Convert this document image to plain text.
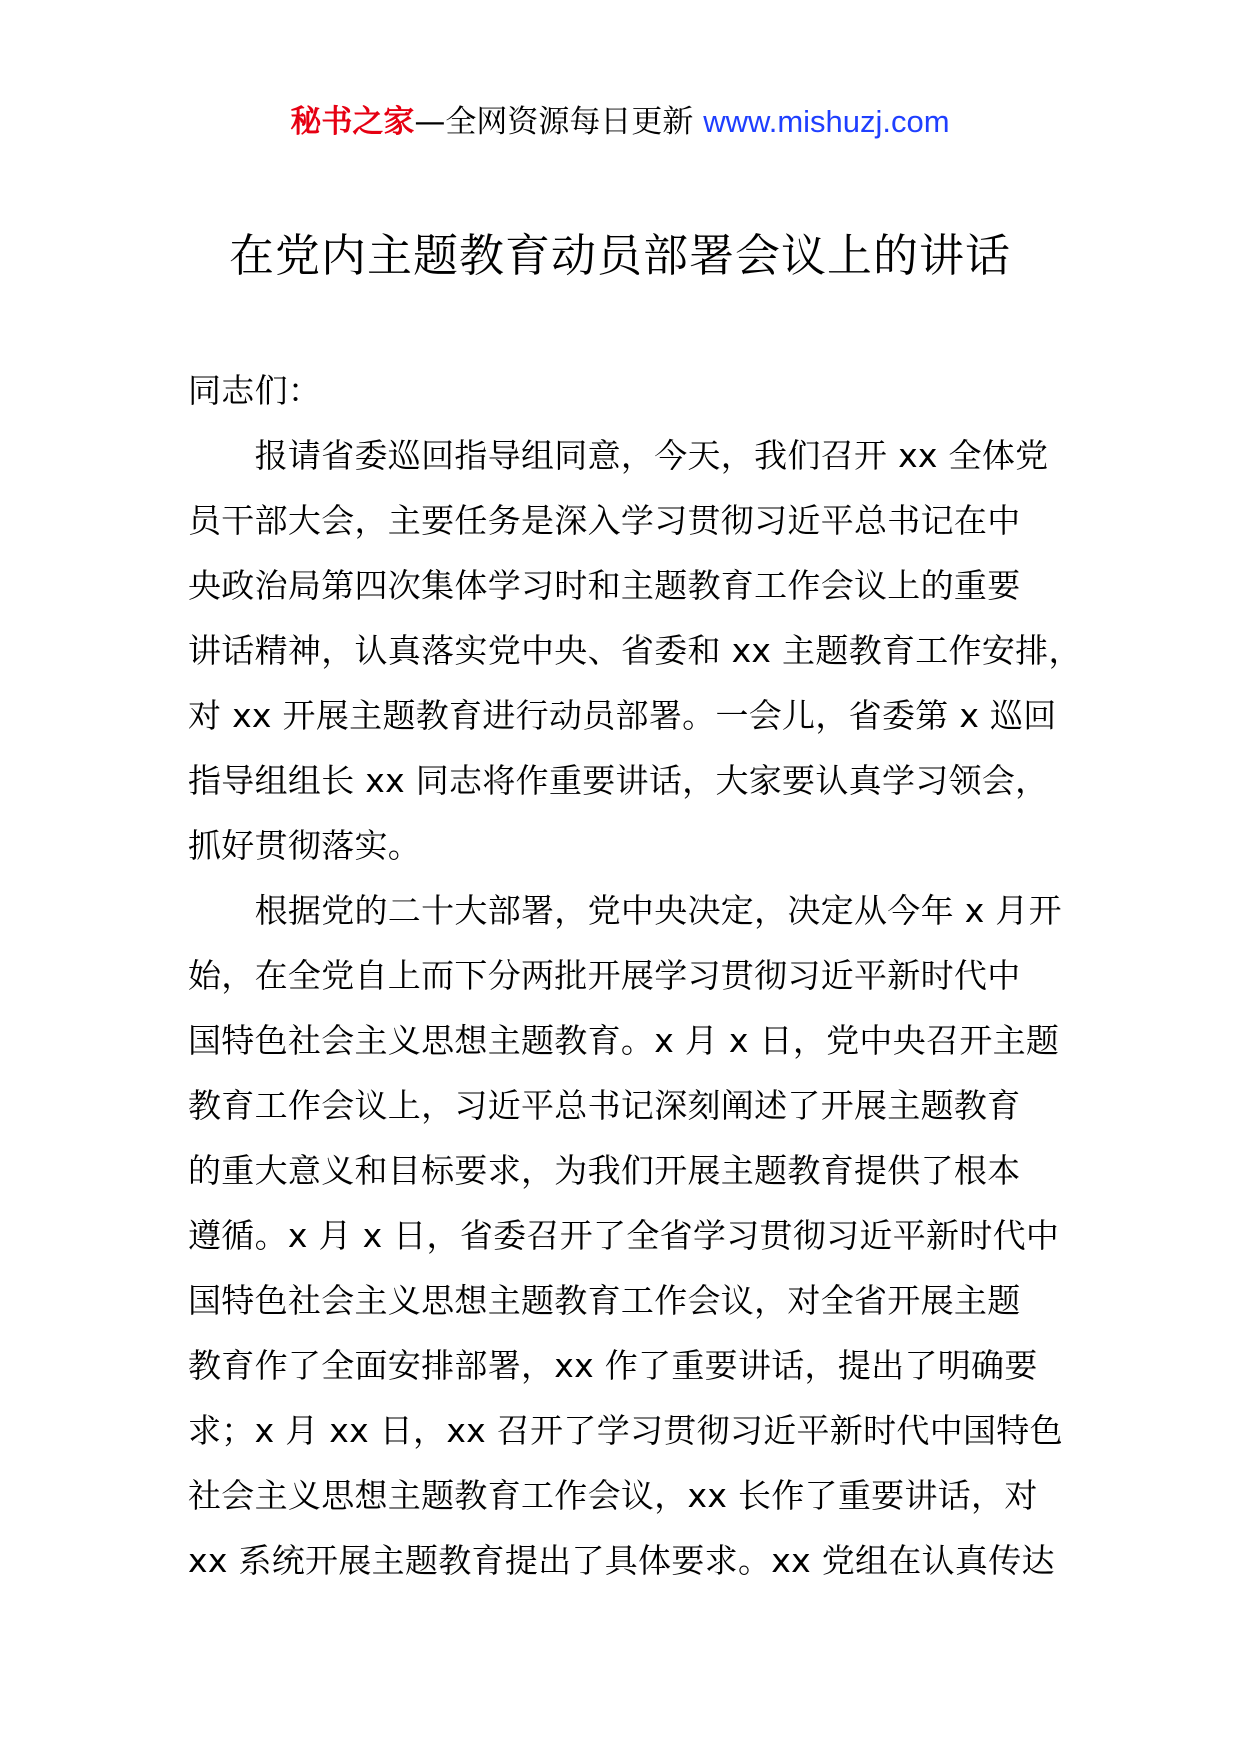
秘书之家—全网资源每日更新 www.mishuzj.com
在党内主题教育动员部署会议上的讲话
同志们：
　　报请省委巡回指导组同意，今天，我们召开 xx 全体党
员干部大会，主要任务是深入学习贯彻习近平总书记在中
央政治局第四次集体学习时和主题教育工作会议上的重要
讲话精神，认真落实党中央、省委和 xx 主题教育工作安排，
对 xx 开展主题教育进行动员部署。一会儿，省委第 x 巡回
指导组组长 xx 同志将作重要讲话，大家要认真学习领会，
抓好贯彻落实。
　　根据党的二十大部署，党中央决定，决定从今年 x 月开
始，在全党自上而下分两批开展学习贯彻习近平新时代中
国特色社会主义思想主题教育。x 月 x 日，党中央召开主题
教育工作会议上，习近平总书记深刻阐述了开展主题教育
的重大意义和目标要求，为我们开展主题教育提供了根本
遵循。x 月 x 日，省委召开了全省学习贯彻习近平新时代中
国特色社会主义思想主题教育工作会议，对全省开展主题
教育作了全面安排部署，xx 作了重要讲话，提出了明确要
求；x 月 xx 日，xx 召开了学习贯彻习近平新时代中国特色
社会主义思想主题教育工作会议，xx 长作了重要讲话，对
xx 系统开展主题教育提出了具体要求。xx 党组在认真传达
